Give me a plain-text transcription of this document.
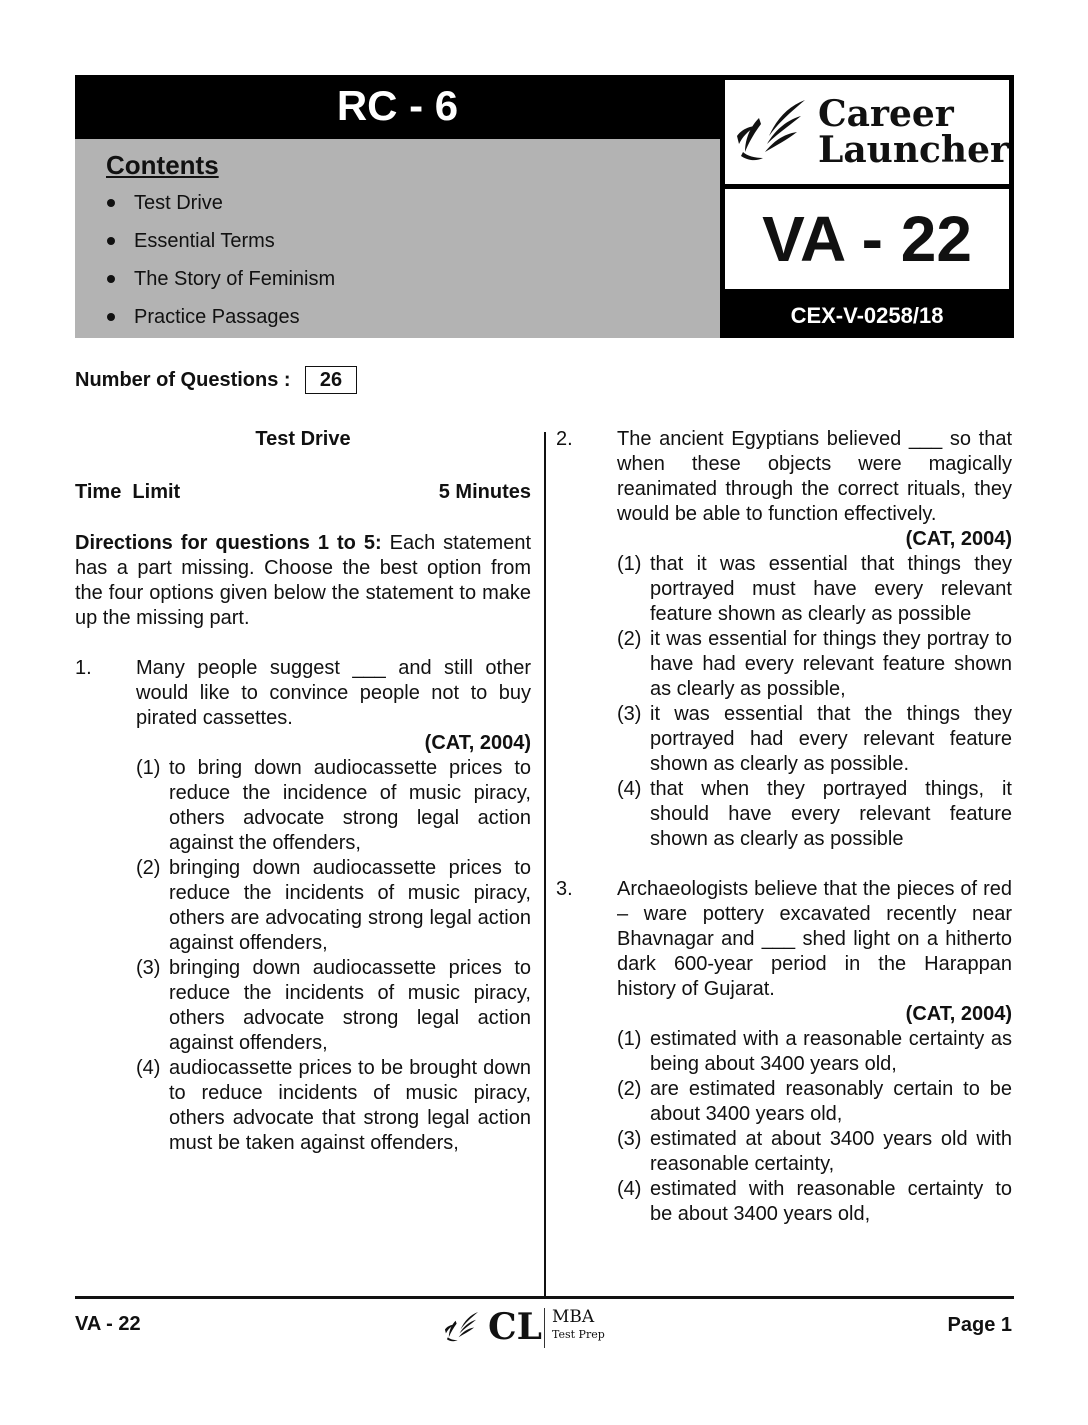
RC - 6
Contents
Test Drive
Essential Terms
The Story of Feminism
Practice Passages
Career
Launcher
VA - 22
CEX-V-0258/18
Number of Questions :	26
Test Drive
Time  Limit	5 Minutes
Directions for questions 1 to 5: Each statement has a part missing. Choose the best option from the four options given below the statement to make up the missing part.
1.	Many people suggest ___ and still other would like to convince people not to buy pirated cassettes.
(CAT, 2004)
(1) to bring down audiocassette prices to reduce the incidence of music piracy, others advocate strong legal action against the offenders,
(2) bringing down audiocassette prices to reduce the incidents of music piracy, others are advocating strong legal action against offenders,
(3) bringing down audiocassette prices to reduce the incidents of music piracy, others advocate strong legal action against offenders,
(4) audiocassette prices to be brought down to reduce incidents of music piracy, others advocate that strong legal action must be taken against offenders,
2.	The ancient Egyptians believed ___ so that when these objects were magically reanimated through the correct rituals, they would be able to function effectively.
(CAT, 2004)
(1) that it was essential that things they portrayed must have every relevant feature shown as clearly as possible
(2) it was essential for things they portray to have had every relevant feature shown as clearly as possible,
(3) it was essential that the things they portrayed had every relevant feature shown as clearly as possible.
(4) that when they portrayed things, it should have every relevant feature shown as clearly as possible
3.	Archaeologists believe that the pieces of red – ware pottery excavated recently near Bhavnagar and ___ shed light on a hitherto dark 600-year period in the Harappan history of Gujarat.
(CAT, 2004)
(1) estimated with a reasonable certainty as being about 3400 years old,
(2) are estimated reasonably certain to be about 3400 years old,
(3) estimated at about 3400 years old with reasonable certainty,
(4) estimated with reasonable certainty to be about 3400 years old,
VA - 22	CL MBA
Test Prep	Page 1
